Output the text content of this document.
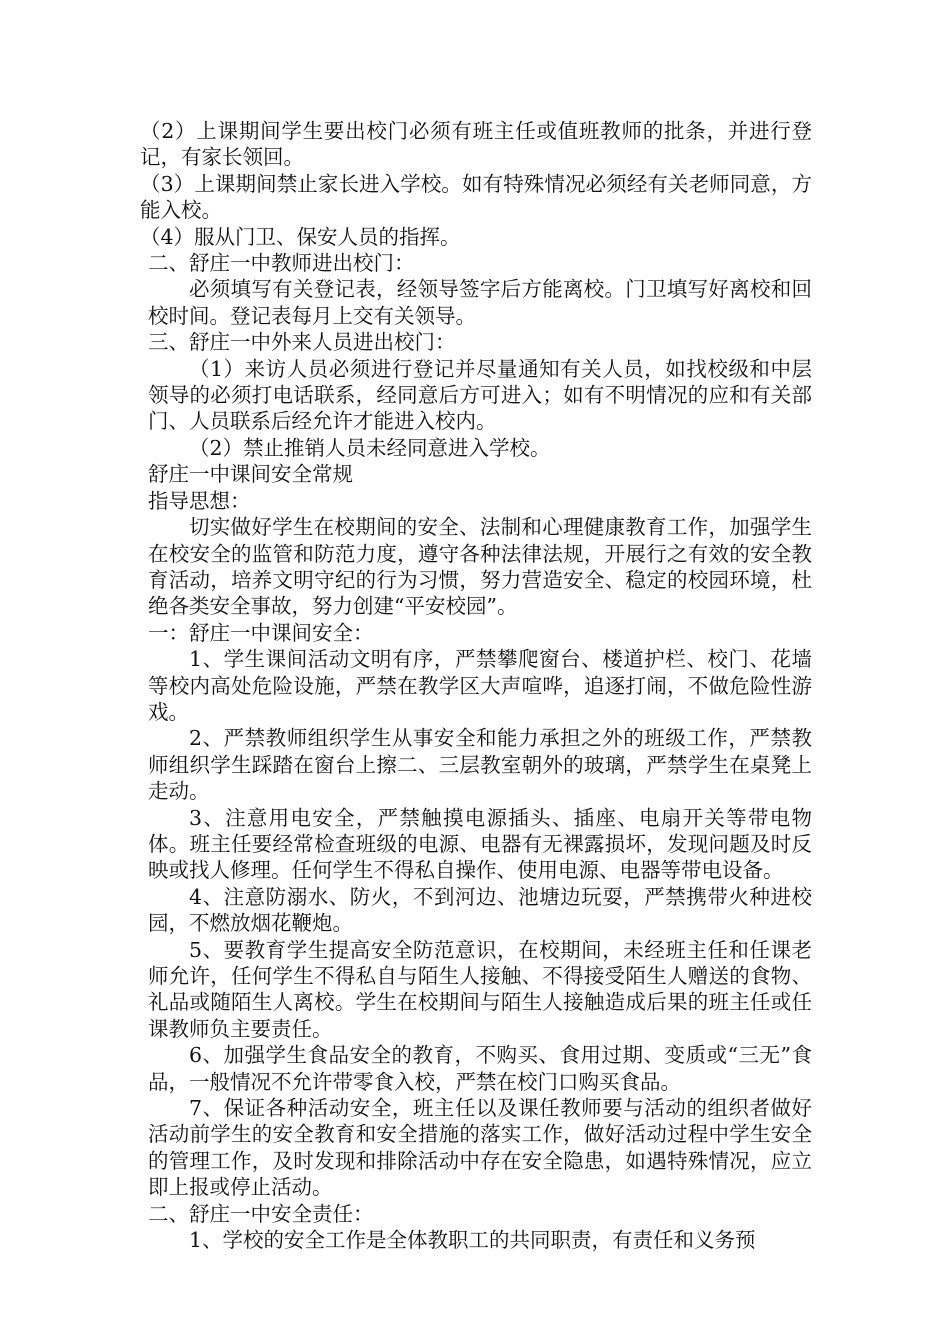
（2）上课期间学生要出校门必须有班主任或值班教师的批条，并进行登记，有家长领回。

（3）上课期间禁止家长进入学校。如有特殊情况必须经有关老师同意，方能入校。

（4）服从门卫、保安人员的指挥。

二、舒庄一中教师进出校门：

必须填写有关登记表，经领导签字后方能离校。门卫填写好离校和回校时间。登记表每月上交有关领导。

三、舒庄一中外来人员进出校门：

（1）来访人员必须进行登记并尽量通知有关人员，如找校级和中层领导的必须打电话联系，经同意后方可进入；如有不明情况的应和有关部门、人员联系后经允许才能进入校内。

（2）禁止推销人员未经同意进入学校。

舒庄一中课间安全常规

指导思想：

切实做好学生在校期间的安全、法制和心理健康教育工作，加强学生在校安全的监管和防范力度，遵守各种法律法规，开展行之有效的安全教育活动，培养文明守纪的行为习惯，努力营造安全、稳定的校园环境，杜绝各类安全事故，努力创建“平安校园”。

一：舒庄一中课间安全：

1、学生课间活动文明有序，严禁攀爬窗台、楼道护栏、校门、花墙等校内高处危险设施，严禁在教学区大声喧哗，追逐打闹，不做危险性游戏。

2、严禁教师组织学生从事安全和能力承担之外的班级工作，严禁教师组织学生踩踏在窗台上擦二、三层教室朝外的玻璃，严禁学生在桌凳上走动。

3、注意用电安全，严禁触摸电源插头、插座、电扇开关等带电物体。班主任要经常检查班级的电源、电器有无裸露损坏，发现问题及时反映或找人修理。任何学生不得私自操作、使用电源、电器等带电设备。

4、注意防溺水、防火，不到河边、池塘边玩耍，严禁携带火种进校园，不燃放烟花鞭炮。

5、要教育学生提高安全防范意识，在校期间，未经班主任和任课老师允许，任何学生不得私自与陌生人接触、不得接受陌生人赠送的食物、礼品或随陌生人离校。学生在校期间与陌生人接触造成后果的班主任或任课教师负主要责任。

6、加强学生食品安全的教育，不购买、食用过期、变质或“三无”食品，一般情况不允许带零食入校，严禁在校门口购买食品。

7、保证各种活动安全，班主任以及课任教师要与活动的组织者做好活动前学生的安全教育和安全措施的落实工作，做好活动过程中学生安全的管理工作，及时发现和排除活动中存在安全隐患，如遇特殊情况，应立即上报或停止活动。

二、舒庄一中安全责任：

1、学校的安全工作是全体教职工的共同职责，有责任和义务预
